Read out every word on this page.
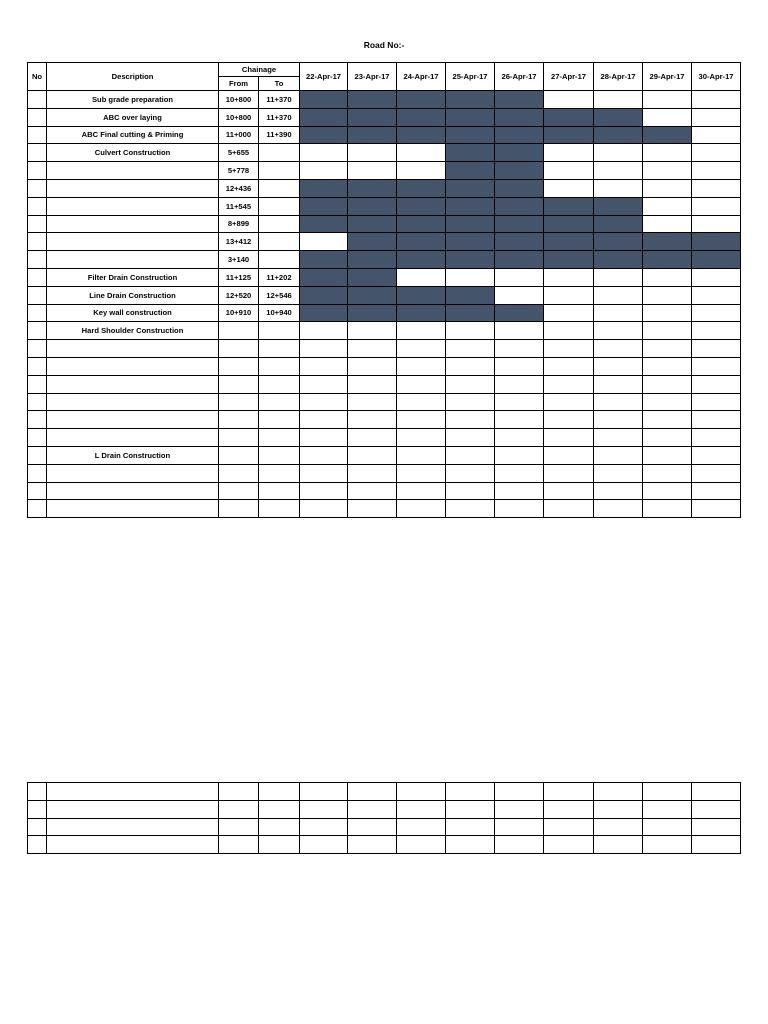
Road No:-
No	Description	Chainage		22-Apr-17	23-Apr-17	24-Apr-17	25-Apr-17	26-Apr-17	27-Apr-17	28-Apr-17	29-Apr-17	30-Apr-17
		From	To									
	Sub grade preparation	10+800	11+370									
	ABC over laying	10+800	11+370									
	ABC Final cutting & Priming	11+000	11+390									
	Culvert Construction	5+655										
		5+778										
		12+436										
		11+545										
		8+899										
		13+412										
		3+140										
	Filter Drain Construction	11+125	11+202									
	Line Drain Construction	12+520	12+546									
	Key wall construction	10+910	10+940									
	Hard Shoulder Construction											

	L Drain Construction											
